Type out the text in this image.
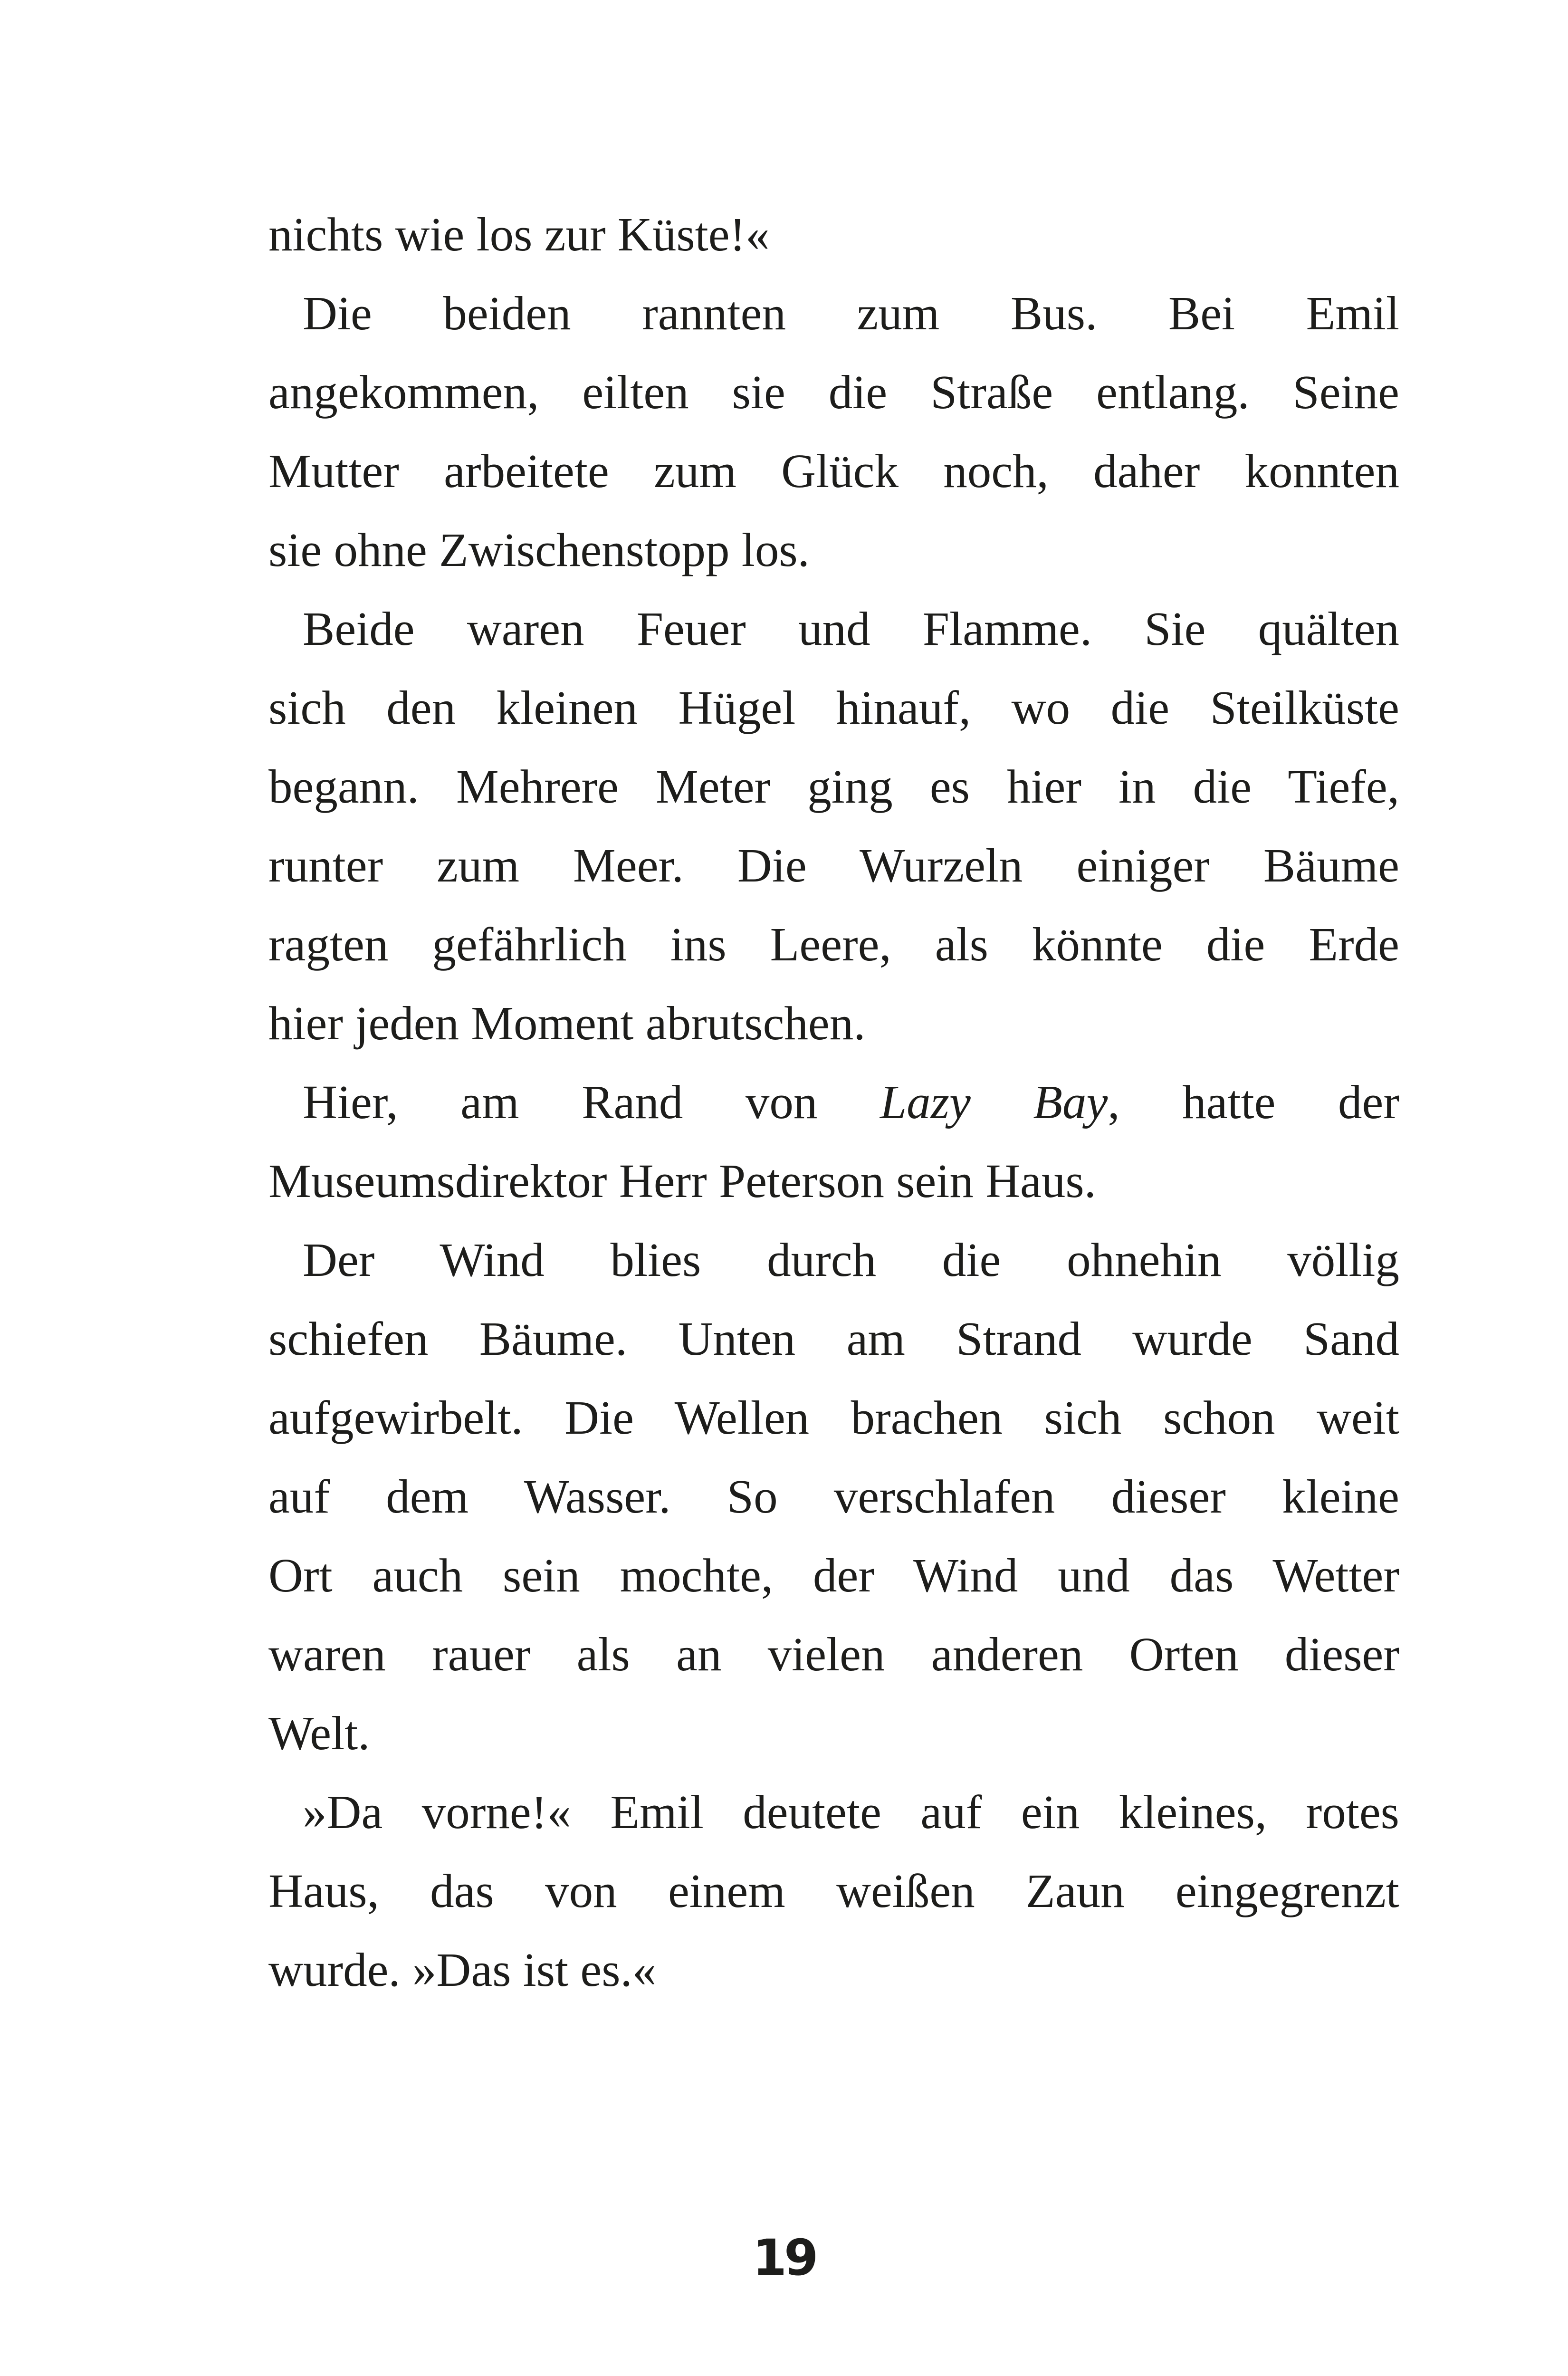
nichts wie los zur Küste!«
Die beiden rannten zum Bus. Bei Emil
angekommen, eilten sie die Straße entlang. Seine
Mutter arbeitete zum Glück noch, daher konnten
sie ohne Zwischenstopp los.
Beide waren Feuer und Flamme. Sie quälten
sich den kleinen Hügel hinauf, wo die Steilküste
begann. Mehrere Meter ging es hier in die Tiefe,
runter zum Meer. Die Wurzeln einiger Bäume
ragten gefährlich ins Leere, als könnte die Erde
hier jeden Moment abrutschen.
Hier, am Rand von Lazy Bay, hatte der
Museumsdirektor Herr Peterson sein Haus.
Der Wind blies durch die ohnehin völlig
schiefen Bäume. Unten am Strand wurde Sand
aufgewirbelt. Die Wellen brachen sich schon weit
auf dem Wasser. So verschlafen dieser kleine
Ort auch sein mochte, der Wind und das Wetter
waren rauer als an vielen anderen Orten dieser
Welt.
»Da vorne!« Emil deutete auf ein kleines, rotes
Haus, das von einem weißen Zaun eingegrenzt
wurde. »Das ist es.«
19
